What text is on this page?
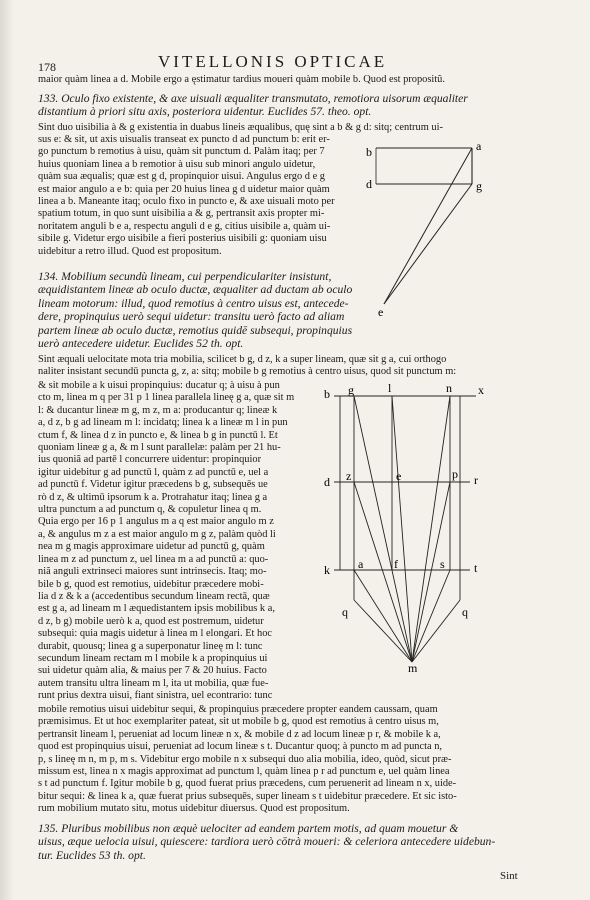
178	VITELLONIS OPTICAE
maior quàm linea a d. Mobile ergo a ęstimatur tardius moueri quàm mobile b. Quod est propositũ.
133. Oculo fixo existente, & axe uisuali æqualiter transmutato, remotiora uisorum æqualiter
distantium à priori situ axis, posteriora uidentur. Euclides 57. theo. opt.
Sint duo uisibilia à & g existentia in duabus lineis æqualibus, quę sint a b & g d: sitq; centrum ui-
sus e: & sit, ut axis uisualis transeat ex puncto d ad punctum b: erit er-
go punctum b remotius à uisu, quàm sit punctum d. Palàm itaq; per 7
huius quoniam linea a b remotior à uisu sub minori angulo uidetur,
quàm sua æqualis; quæ est g d, propinquior uisui. Angulus ergo d e g
est maior angulo a e b: quia per 20 huius linea g d uidetur maior quàm
linea a b. Maneante itaq; oculo fixo in puncto e, & axe uisuali moto per
spatium totum, in quo sunt uisibilia a & g, pertransit axis propter mi-
noritatem anguli b e a, respectu anguli d e g, citius uisibile a, quàm ui-
sibile g. Videtur ergo uisibile a fieri posterius uisibili g: quoniam uisu
uidebitur a retro illud. Quod est propositum.
b	a
d	g
e
134. Mobilium secundù lineam, cui perpendiculariter insistunt,
æquidistantem lineæ ab oculo ductæ, æqualiter ad ductam ab oculo
lineam motorum: illud, quod remotius à centro uisus est, antecede-
dere, propinquius uerò sequi uidetur: transitu uerò facto ad aliam
partem lineæ ab oculo ductæ, remotius quidē subsequi, propinquius
uerò antecedere uidetur. Euclides 52 th. opt.
Sint æquali uelocitate mota tria mobilia, scilicet b g, d z, k a super lineam, quæ sit g a, cui orthogo
naliter insistant secundū puncta g, z, a: sitq; mobile b g remotius à centro uisus, quod sit punctum m:
& sit mobile a k uisui propinquius: ducatur q; à uisu à pun
cto m, linea m q per 31 p 1 linea parallela lineę g a, quæ sit m
l: & ducantur lineæ m g, m z, m a: producantur q; lineæ k
a, d z, b g ad lineam m l: incidatq; linea k a lineæ m l in pun
ctum f, & linea d z in puncto e, & linea b g in punctū l. Et
quoniam lineæ g a, & m l sunt parallelæ: palàm per 21 hu-
ius quoniã ad partē l concurrere uidentur: propinquior
igitur uidebitur g ad punctū l, quàm z ad punctū e, uel a
ad punctū f. Videtur igitur præcedens b g, subsequēs ue
rò d z, & ultimū ipsorum k a. Protrahatur itaq; linea g a
ultra punctum a ad punctum q, & copuletur linea q m.
Quia ergo per 16 p 1 angulus m a q est maior angulo m z
a, & angulus m z a est maior angulo m g z, palàm quòd li
nea m g magis approximare uidetur ad punctū g, quàm
linea m z ad punctum z, uel linea m a ad punctū a: quo-
niã anguli extrinseci maiores sunt intrinsecis. Itaq; mo-
bile b g, quod est remotius, uidebitur præcedere mobi-
lia d z & k a (accedentibus secundum lineam rectā, quæ
est g a, ad lineam m l æquedistantem ipsis mobilibus k a,
d z, b g) mobile uerò k a, quod est postremum, uidetur
subsequi: quia magis uidetur à linea m l elongari. Et hoc
durabit, quousq; linea g a superponatur lineę m l: tunc
secundum lineam rectam m l mobile k a propinquius ui
sui uidetur quàm alia, & maius per 7 & 20 huius. Facto
autem transitu ultra lineam m l, ita ut mobilia, quæ fue-
runt prius dextra uisui, fiant sinistra, uel econtrario: tunc
b g	l	n x
d z	e	p r
k a	f	s t
q	q
m
mobile remotius uisui uidebitur sequi, & propinquius præcedere propter eandem caussam, quam
præmisimus. Et ut hoc exemplariter pateat, sit ut mobile b g, quod est remotius à centro uisus m,
pertransit lineam l, perueniat ad locum lineæ n x, & mobile d z ad locum lineæ p r, & mobile k a,
quod est propinquius uisui, perueniat ad locum lineæ s t. Ducantur quoq; à puncto m ad puncta n,
p, s lineę m n, m p, m s. Videbitur ergo mobile n x subsequi duo alia mobilia, ideo, quòd, sicut præ-
missum est, linea n x magis approximat ad punctum l, quàm linea p r ad punctum e, uel quàm linea
s t ad punctum f. Igitur mobile b g, quod fuerat prius præcedens, cum peruenerit ad lineam n x, uide-
bitur sequi: & linea k a, quæ fuerat prius subsequēs, super lineam s t uidebitur præcedere. Et sic isto-
rum mobilium mutato situ, motus uidebitur diuersus. Quod est propositum.
135. Pluribus mobilibus non æquè uelociter ad eandem partem motis, ad quam mouetur &
uisus, æque uelocia uisui, quiescere: tardiora uerò cōtrà moueri: & celeriora antecedere uidebun-
tur. Euclides 53 th. opt.
Sint
